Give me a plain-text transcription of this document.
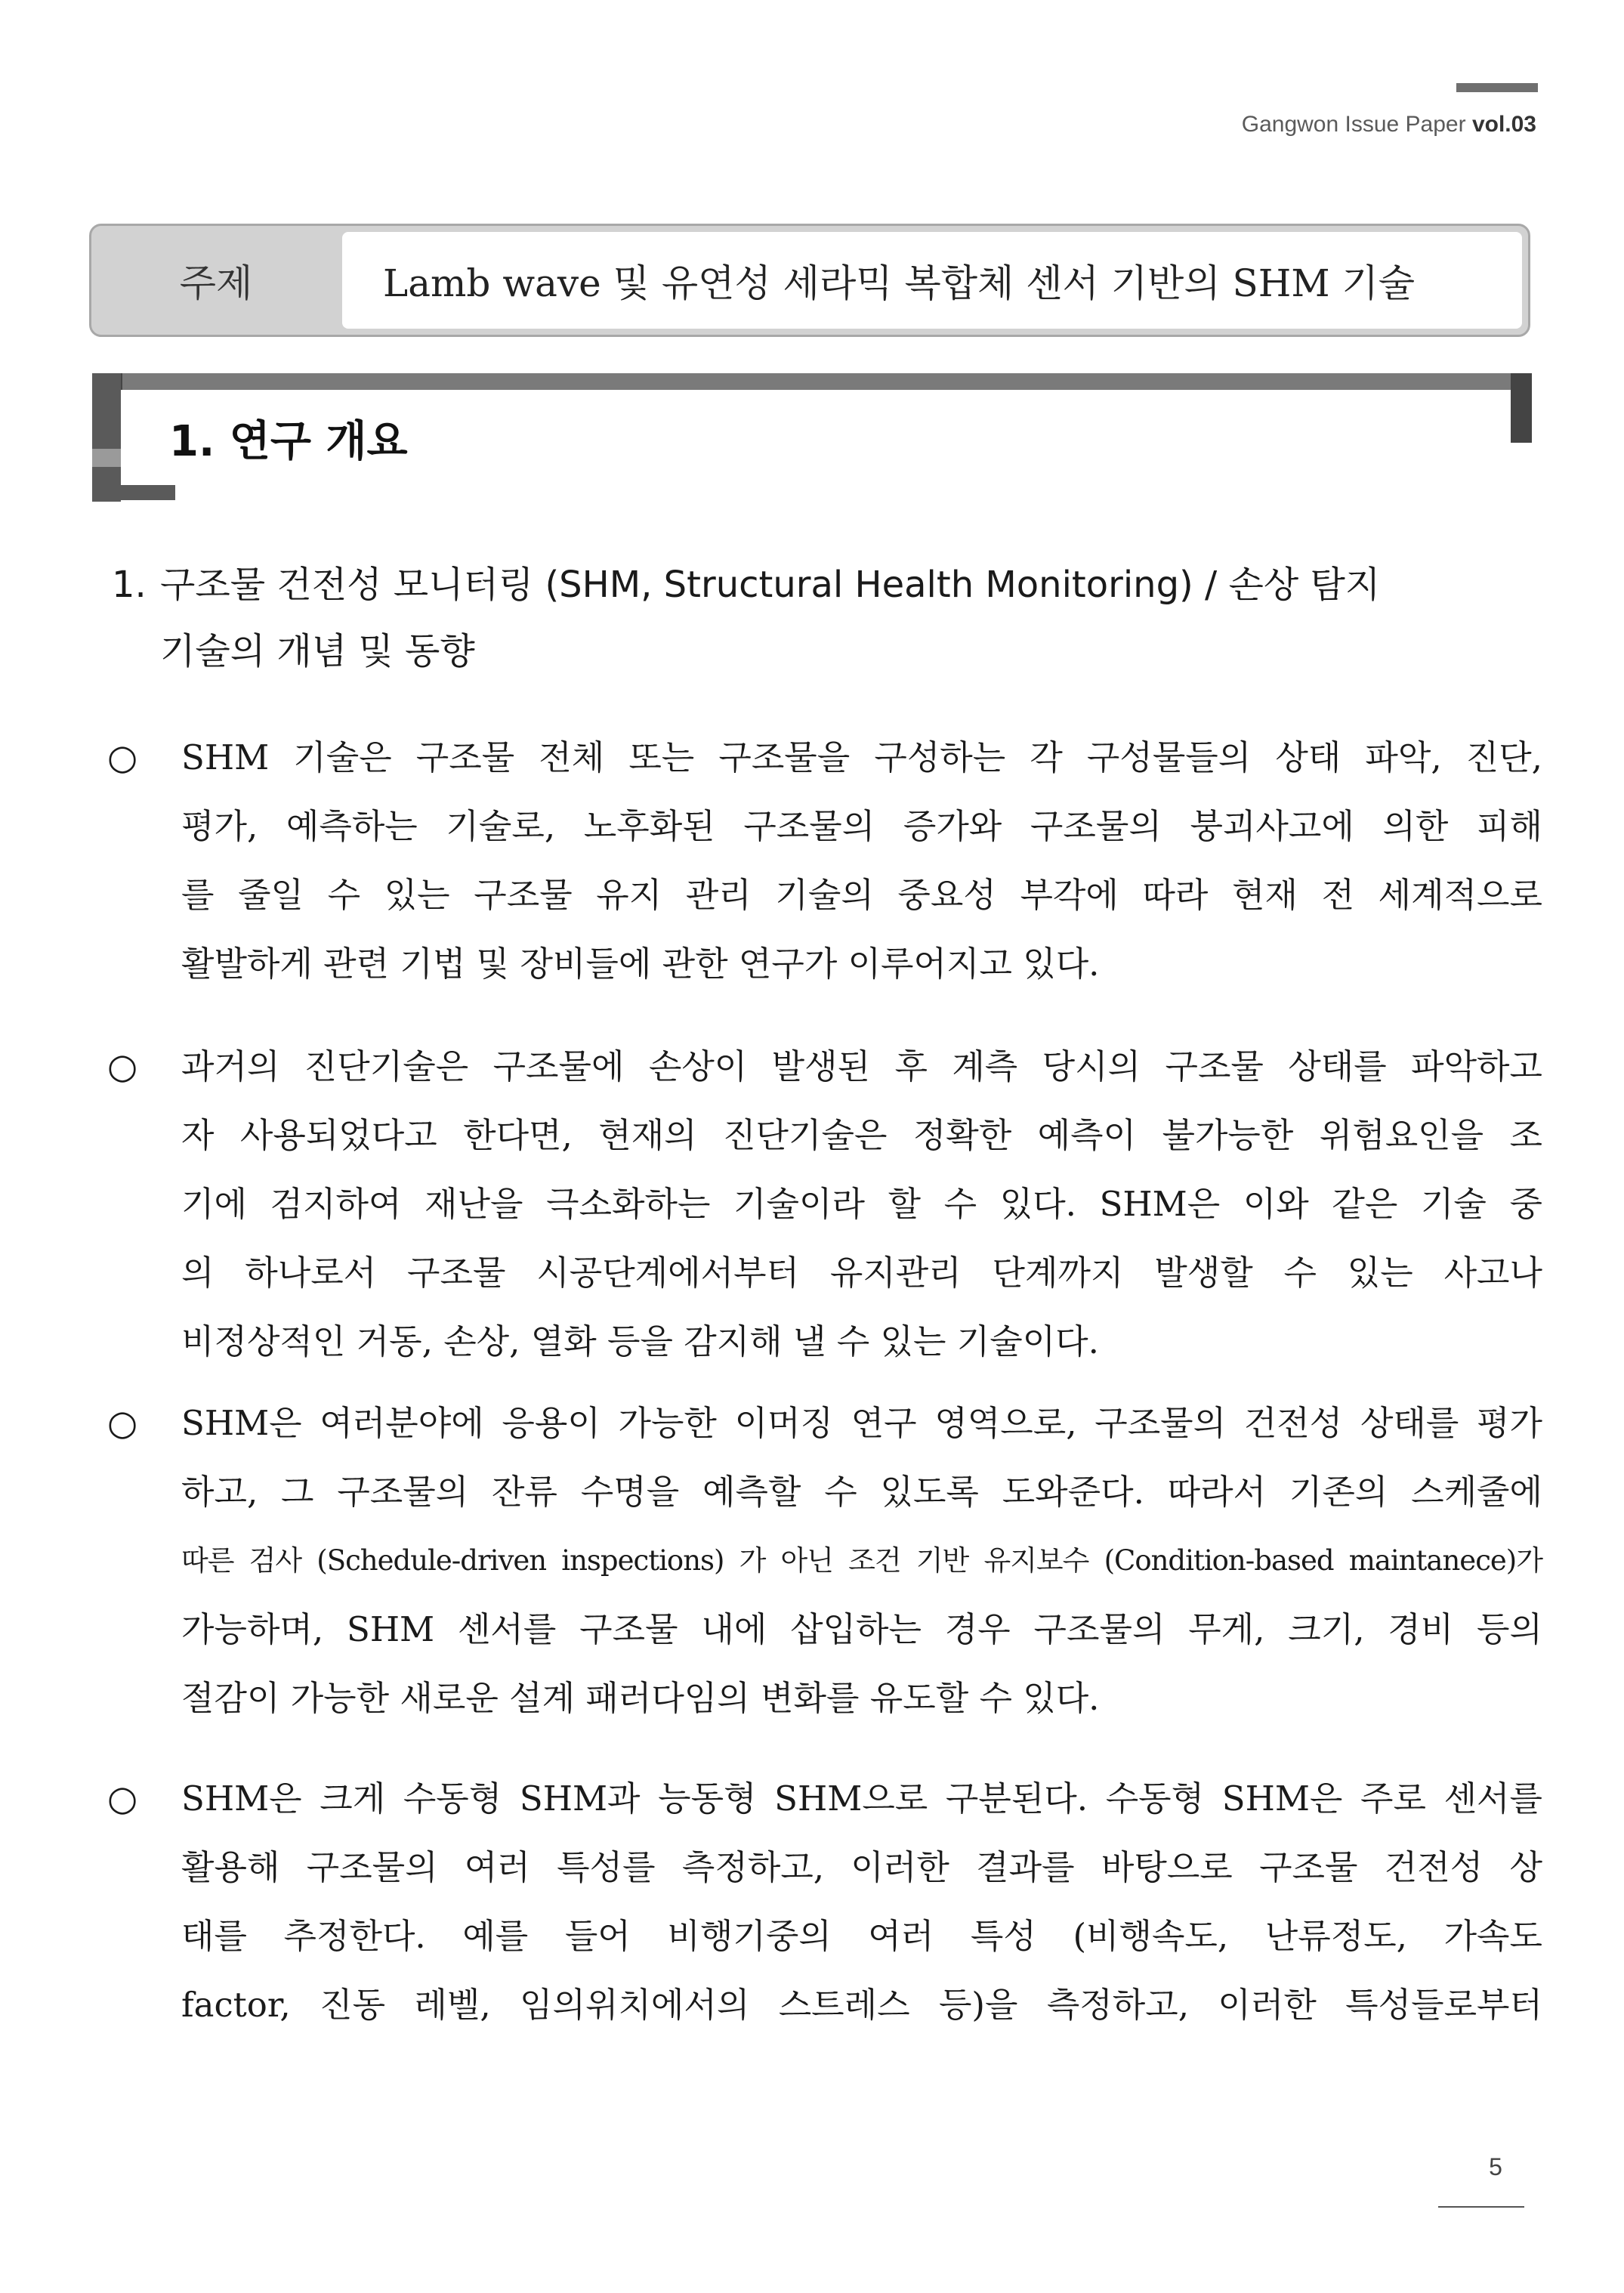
Gangwon Issue Paper vol.03
주제	Lamb wave 및 유연성 세라믹 복합체 센서 기반의 SHM 기술
1. 연구 개요
1. 구조물 건전성 모니터링 (SHM, Structural Health Monitoring) / 손상 탐지
기술의 개념 및 동향
○ SHM 기술은 구조물 전체 또는 구조물을 구성하는 각 구성물들의 상태 파악, 진단,
평가, 예측하는 기술로, 노후화된 구조물의 증가와 구조물의 붕괴사고에 의한 피해
를 줄일 수 있는 구조물 유지 관리 기술의 중요성 부각에 따라 현재 전 세계적으로
활발하게 관련 기법 및 장비들에 관한 연구가 이루어지고 있다.
○ 과거의 진단기술은 구조물에 손상이 발생된 후 계측 당시의 구조물 상태를 파악하고
자 사용되었다고 한다면, 현재의 진단기술은 정확한 예측이 불가능한 위험요인을 조
기에 검지하여 재난을 극소화하는 기술이라 할 수 있다. SHM은 이와 같은 기술 중
의 하나로서 구조물 시공단계에서부터 유지관리 단계까지 발생할 수 있는 사고나
비정상적인 거동, 손상, 열화 등을 감지해 낼 수 있는 기술이다.
○ SHM은 여러분야에 응용이 가능한 이머징 연구 영역으로, 구조물의 건전성 상태를 평가
하고, 그 구조물의 잔류 수명을 예측할 수 있도록 도와준다. 따라서 기존의 스케줄에
따른 검사 (Schedule-driven inspections) 가 아닌 조건 기반 유지보수 (Condition-based maintanece)가
가능하며, SHM 센서를 구조물 내에 삽입하는 경우 구조물의 무게, 크기, 경비 등의
절감이 가능한 새로운 설계 패러다임의 변화를 유도할 수 있다.
○ SHM은 크게 수동형 SHM과 능동형 SHM으로 구분된다. 수동형 SHM은 주로 센서를
활용해 구조물의 여러 특성를 측정하고, 이러한 결과를 바탕으로 구조물 건전성 상
태를 추정한다. 예를 들어 비행기중의 여러 특성 (비행속도, 난류정도, 가속도
factor, 진동 레벨, 임의위치에서의 스트레스 등)을 측정하고, 이러한 특성들로부터
5
